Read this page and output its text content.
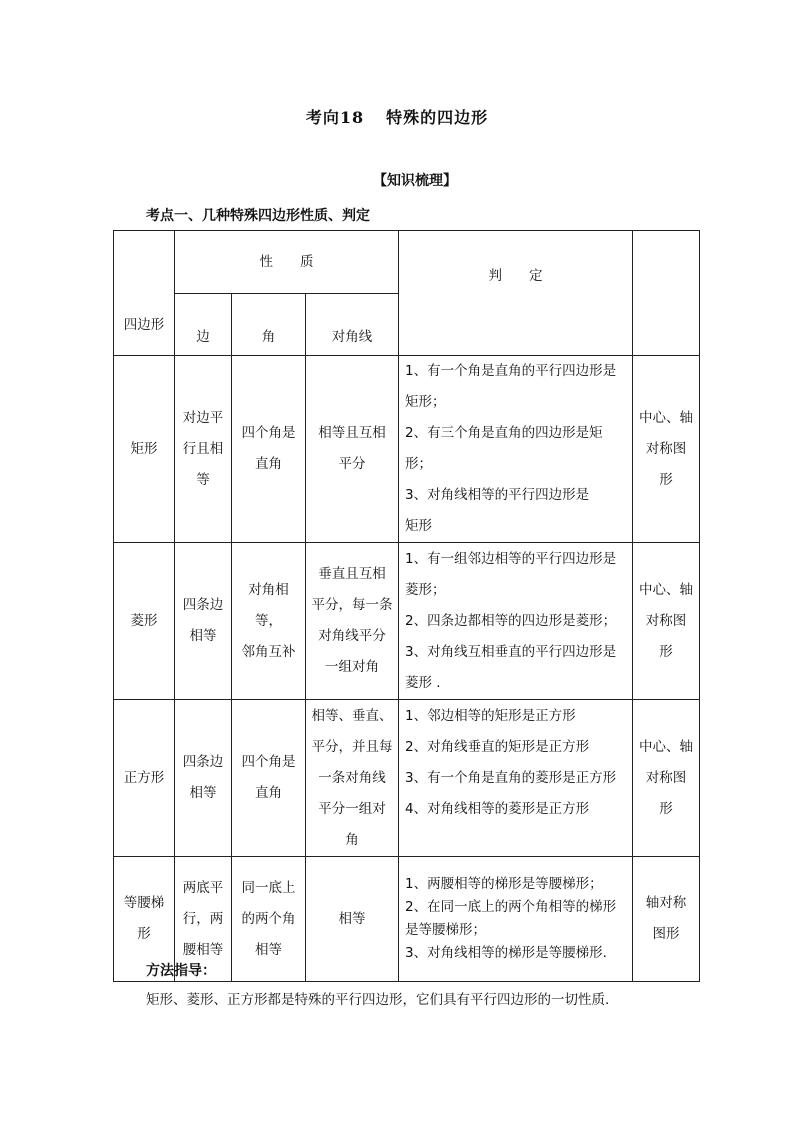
考向18 特殊的四边形
【知识梳理】
考点一、几种特殊四边形性质、判定
四边形	性　　质			判　　定	
	边	角	对角线		
矩形	对边平
行且相
等	四个角是
直角	相等且互相
平分	1、有一个角是直角的平行四边形是
矩形；
2、有三个角是直角的四边形是矩形；
3、对角线相等的平行四边形是
矩形	中心、轴
对称图
形

菱形	四条边
相等	对角相等，
邻角互补	垂直且互相
平分，每一条
对角线平分
一组对角	1、有一组邻边相等的平行四边形是
菱形；
2、四条边都相等的四边形是菱形；
3、对角线互相垂直的平行四边形是
菱形 .	中心、轴
对称图
形

正方形	四条边
相等	四个角是
直角	相等、垂直、
平分，并且每
一条对角线
平分一组对
角	1、邻边相等的矩形是正方形
2、对角线垂直的矩形是正方形
3、有一个角是直角的菱形是正方形
4、对角线相等的菱形是正方形	中心、轴
对称图
形

等腰梯
形	两底平
行，两
腰相等	同一底上
的两个角
相等	相等	1、两腰相等的梯形是等腰梯形；
2、在同一底上的两个角相等的梯形
是等腰梯形；
3、对角线相等的梯形是等腰梯形.	轴对称
图形
方法指导：
矩形、菱形、正方形都是特殊的平行四边形，它们具有平行四边形的一切性质.
